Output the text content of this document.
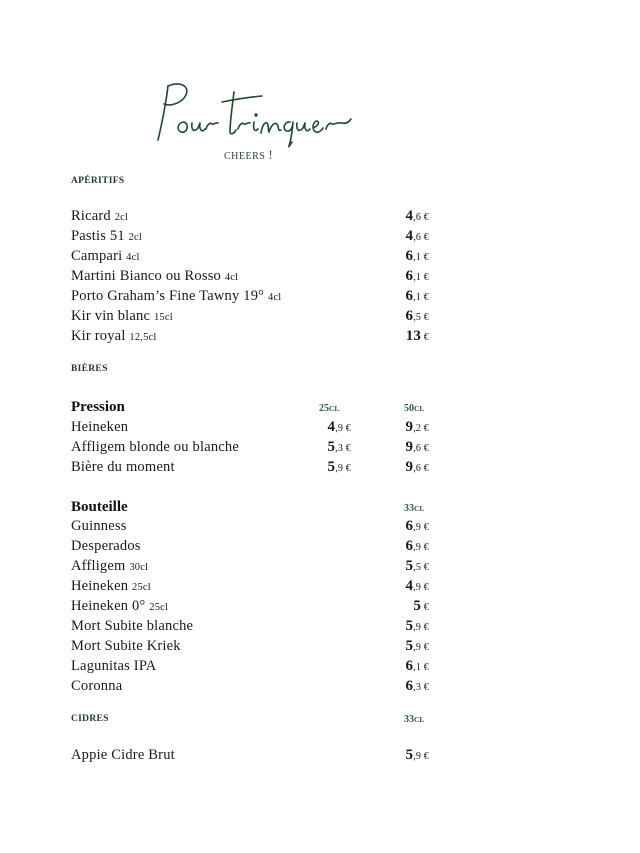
CHEERS !
APÉRITIFS
Ricard 2cl	4,6 €
Pastis 51 2cl	4,6 €
Campari 4cl	6,1 €
Martini Bianco ou Rosso 4cl	6,1 €
Porto Graham’s Fine Tawny 19° 4cl	6,1 €
Kir vin blanc 15cl	6,5 €
Kir royal 12,5cl	13 €
BIÈRES
Pression	25CL	50CL
Heineken	4,9 €	9,2 €
Affligem blonde ou blanche	5,3 €	9,6 €
Bière du moment	5,9 €	9,6 €
Bouteille	33CL
Guinness	6,9 €
Desperados	6,9 €
Affligem 30cl	5,5 €
Heineken 25cl	4,9 €
Heineken 0° 25cl	5 €
Mort Subite blanche	5,9 €
Mort Subite Kriek	5,9 €
Lagunitas IPA	6,1 €
Coronna	6,3 €
CIDRES	33CL
Appie Cidre Brut	5,9 €
